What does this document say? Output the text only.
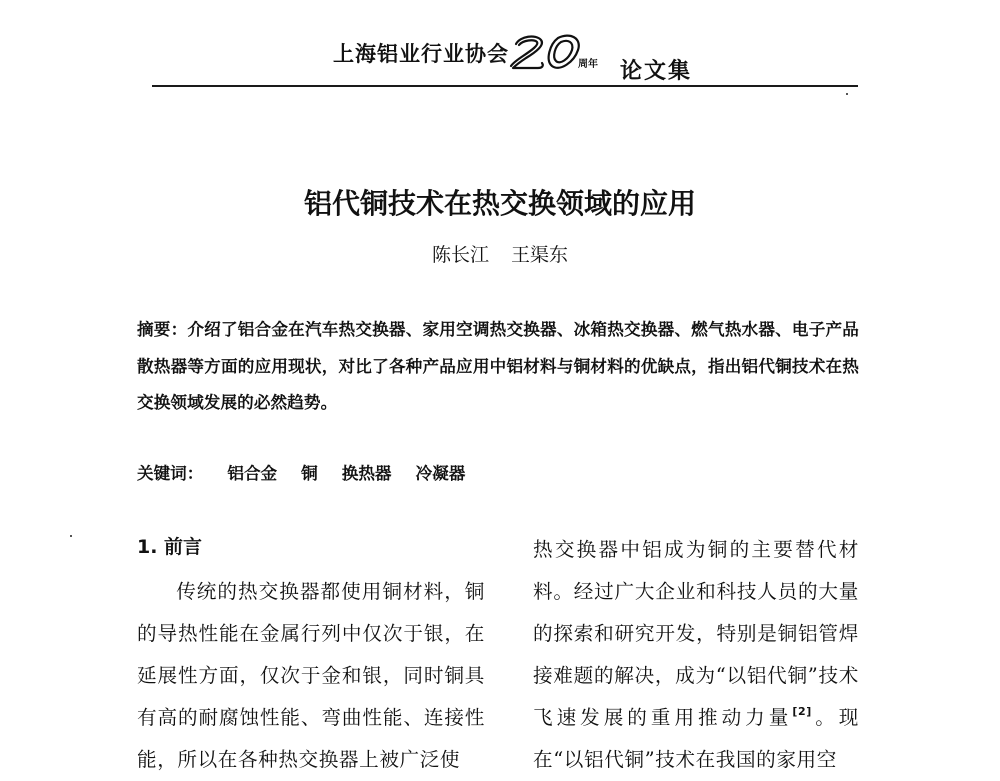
上海铝业行业协会	周年 论文集
铝代铜技术在热交换领域的应用
陈长江 王渠东
摘要：介绍了铝合金在汽车热交换器、家用空调热交换器、冰箱热交换器、燃气热水器、电子产品散热器等方面的应用现状，对比了各种产品应用中铝材料与铜材料的优缺点，指出铝代铜技术在热交换领域发展的必然趋势。
关键词： 铝合金 铜 换热器 冷凝器
1. 前言

传统的热交换器都使用铜材料，铜的导热性能在金属行列中仅次于银，在延展性方面，仅次于金和银，同时铜具有高的耐腐蚀性能、弯曲性能、连接性能，所以在各种热交换器上被广泛使

热交换器中铝成为铜的主要替代材料。经过广大企业和科技人员的大量的探索和研究开发，特别是铜铝管焊接难题的解决，成为“以铝代铜”技术飞速发展的重用推动力量[2]。现在“以铝代铜”技术在我国的家用空
